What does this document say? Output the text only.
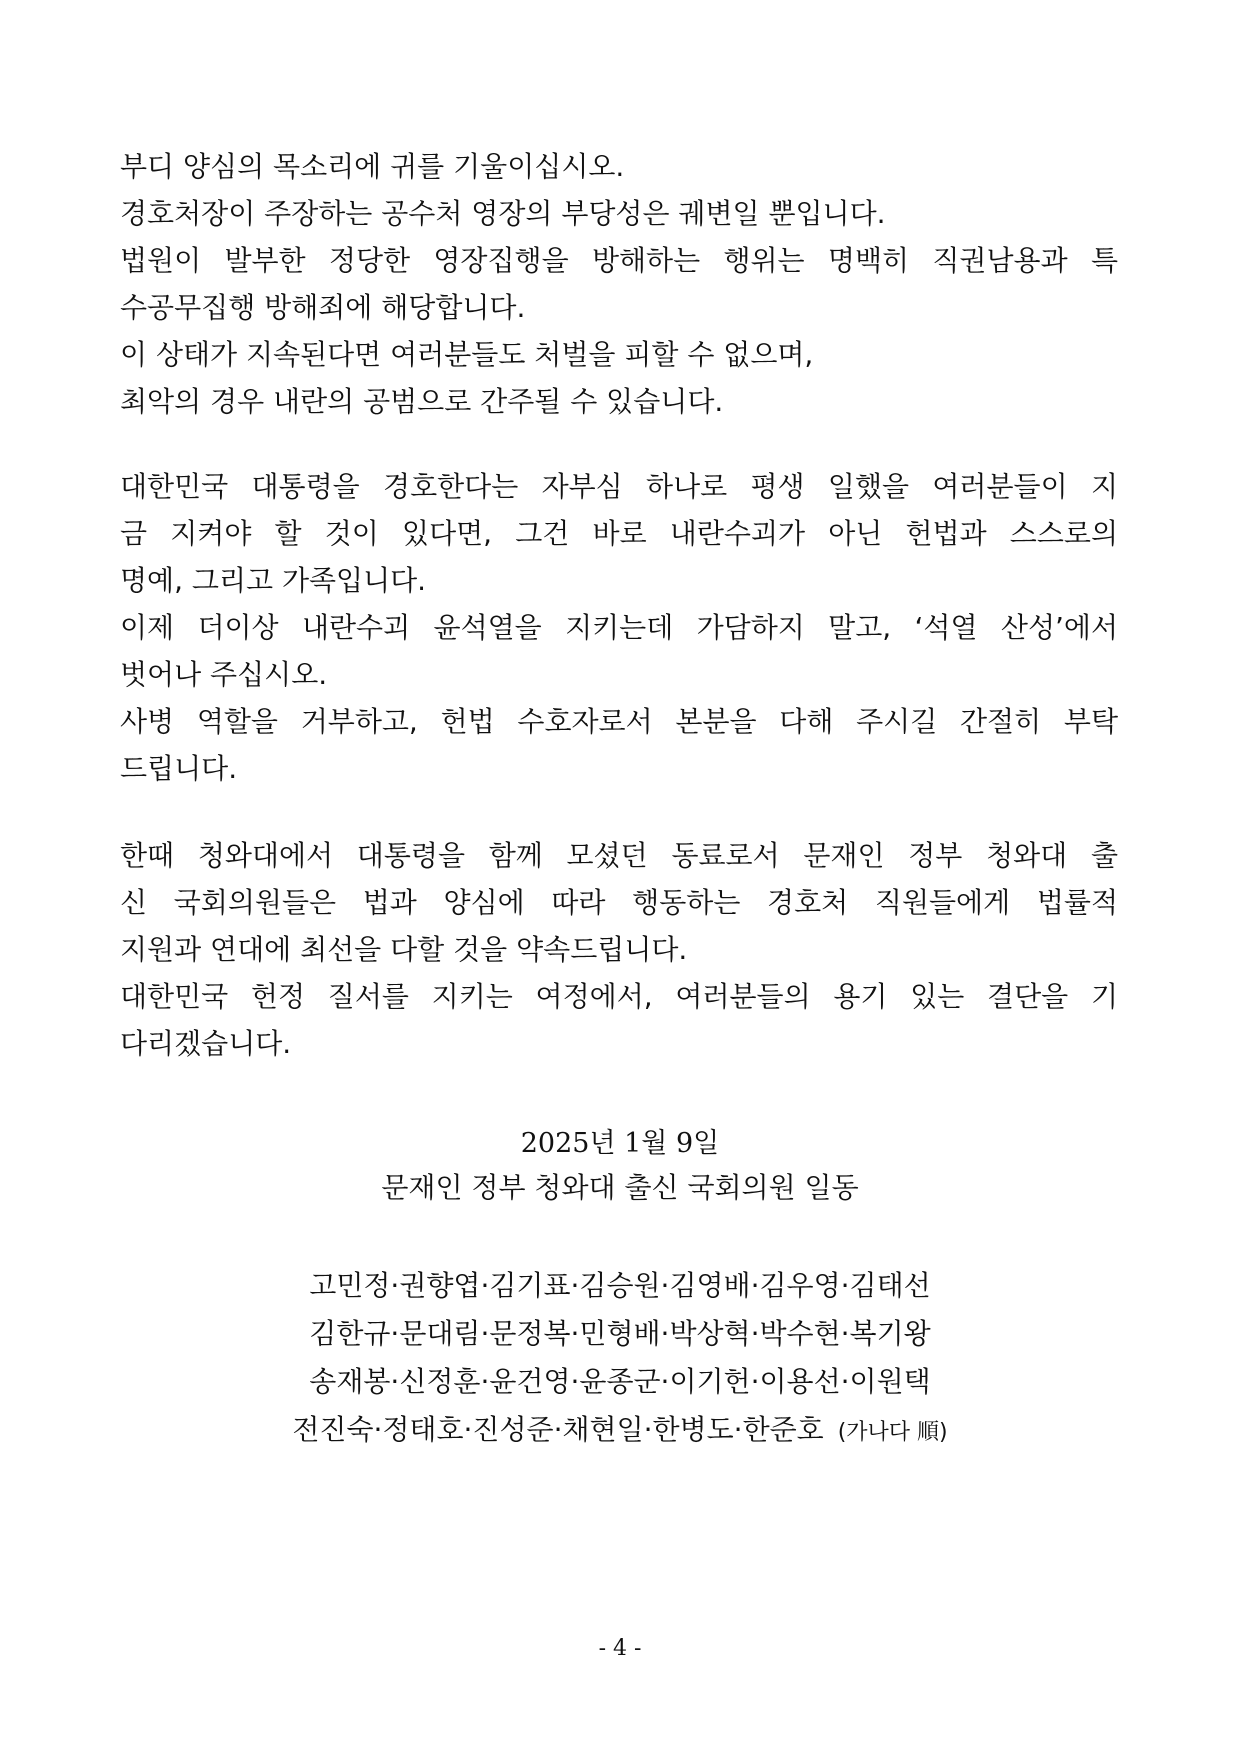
부디 양심의 목소리에 귀를 기울이십시오.
경호처장이 주장하는 공수처 영장의 부당성은 궤변일 뿐입니다.
법원이 발부한 정당한 영장집행을 방해하는 행위는 명백히 직권남용과 특
수공무집행 방해죄에 해당합니다.
이 상태가 지속된다면 여러분들도 처벌을 피할 수 없으며,
최악의 경우 내란의 공범으로 간주될 수 있습니다.
대한민국 대통령을 경호한다는 자부심 하나로 평생 일했을 여러분들이 지
금 지켜야 할 것이 있다면, 그건 바로 내란수괴가 아닌 헌법과 스스로의
명예, 그리고 가족입니다.
이제 더이상 내란수괴 윤석열을 지키는데 가담하지 말고, ‘석열 산성’에서
벗어나 주십시오.
사병 역할을 거부하고, 헌법 수호자로서 본분을 다해 주시길 간절히 부탁
드립니다.
한때 청와대에서 대통령을 함께 모셨던 동료로서 문재인 정부 청와대 출
신 국회의원들은 법과 양심에 따라 행동하는 경호처 직원들에게 법률적
지원과 연대에 최선을 다할 것을 약속드립니다.
대한민국 헌정 질서를 지키는 여정에서, 여러분들의 용기 있는 결단을 기
다리겠습니다.
2025년 1월 9일
문재인 정부 청와대 출신 국회의원 일동
고민정·권향엽·김기표·김승원·김영배·김우영·김태선
김한규·문대림·문정복·민형배·박상혁·박수현·복기왕
송재봉·신정훈·윤건영·윤종군·이기헌·이용선·이원택
전진숙·정태호·진성준·채현일·한병도·한준호 (가나다 順)
- 4 -
